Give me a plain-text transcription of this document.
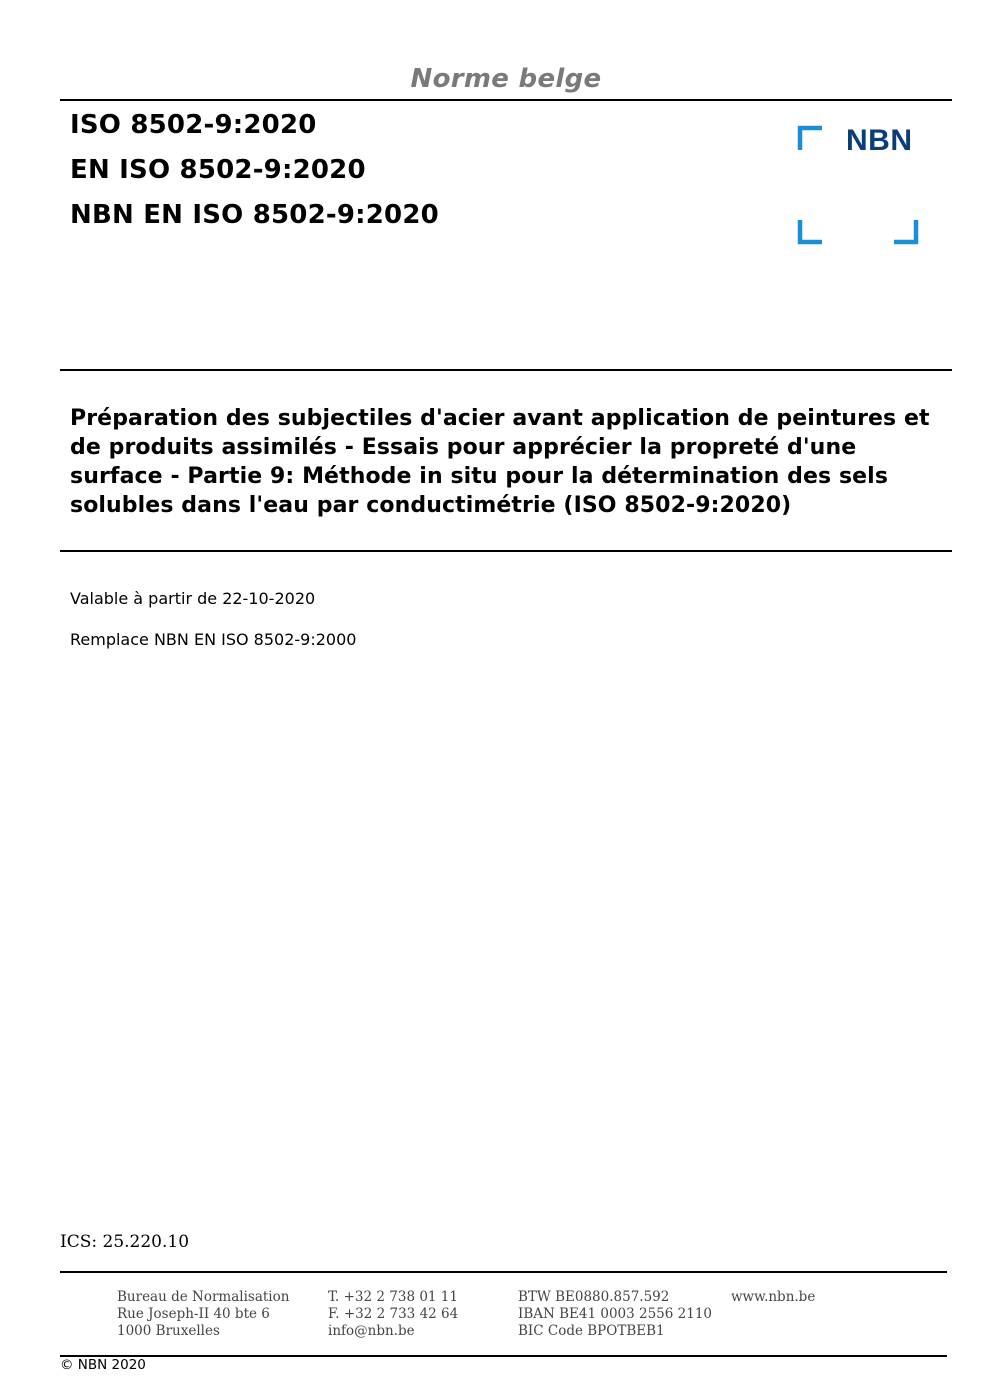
Norme belge
ISO 8502-9:2020
EN ISO 8502-9:2020
NBN EN ISO 8502-9:2020
NBN
Préparation des subjectiles d'acier avant application de peintures et de produits assimilés - Essais pour apprécier la propreté d'une surface - Partie 9: Méthode in situ pour la détermination des sels solubles dans l'eau par conductimétrie (ISO 8502-9:2020)
Valable à partir de 22-10-2020
Remplace NBN EN ISO 8502-9:2000
ICS: 25.220.10
Bureau de Normalisation
Rue Joseph-II 40 bte 6
1000 Bruxelles
T. +32 2 738 01 11
F. +32 2 733 42 64
info@nbn.be
BTW BE0880.857.592
IBAN BE41 0003 2556 2110
BIC Code BPOTBEB1
www.nbn.be
© NBN 2020
